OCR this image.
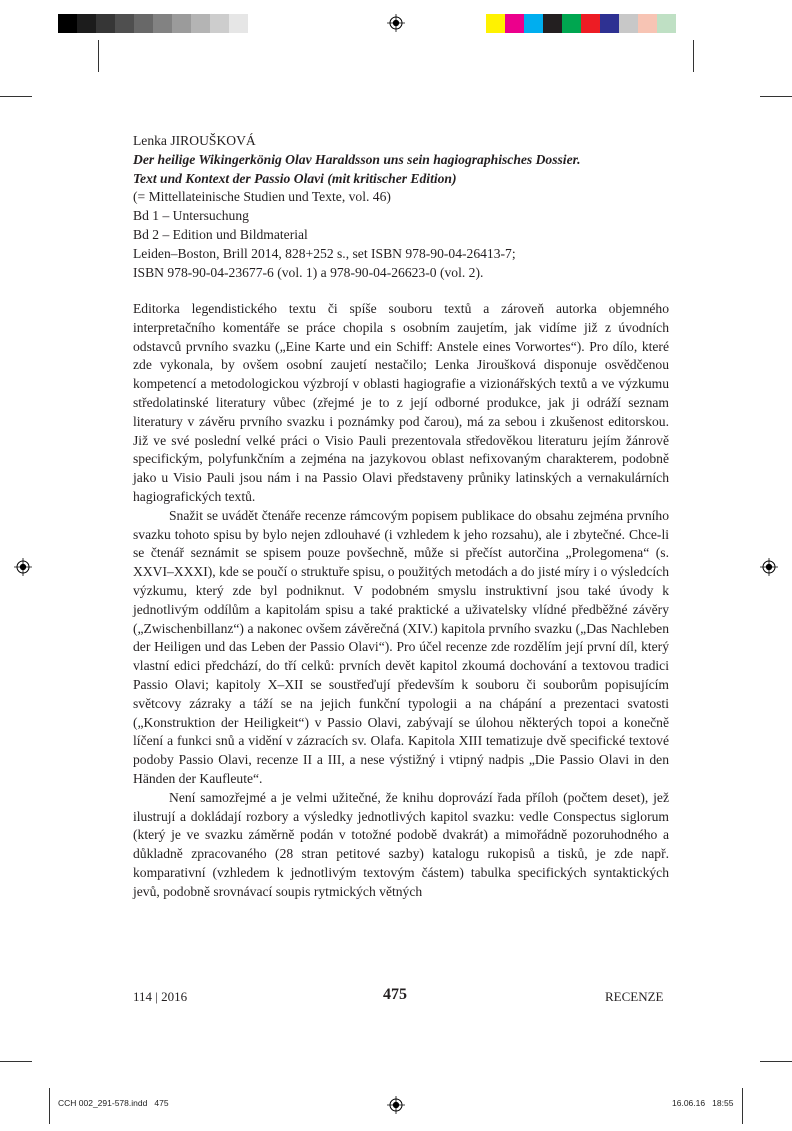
Lenka JIROUŠKOVÁ
Der heilige Wikingerkönig Olav Haraldsson uns sein hagiographisches Dossier.
Text und Kontext der Passio Olavi (mit kritischer Edition)
(= Mittellateinische Studien und Texte, vol. 46)
Bd 1 – Untersuchung
Bd 2 – Edition und Bildmaterial
Leiden–Boston, Brill 2014, 828+252 s., set ISBN 978-90-04-26413-7;
ISBN 978-90-04-23677-6 (vol. 1) a 978-90-04-26623-0 (vol. 2).

Editorka legendistického textu či spíše souboru textů a zároveň autorka objemného interpretačního komentáře se práce chopila s osobním zaujetím, jak vidíme již z úvodních odstavců prvního svazku („Eine Karte und ein Schiff: Anstele eines Vorwortes“). Pro dílo, které zde vykonala, by ovšem osobní zaujetí nestačilo; Lenka Jiroušková disponuje osvědčenou kompetencí a metodologickou výzbrojí v oblasti hagiografie a vizionářských textů a ve výzkumu středolatinské literatury vůbec (zřejmé je to z její odborné produkce, jak ji odráží seznam literatury v závěru prvního svazku i poznámky pod čarou), má za sebou i zkušenost editorskou. Již ve své poslední velké práci o Visio Pauli prezentovala středověkou literaturu jejím žánrově specifickým, polyfunkčním a zejména na jazykovou oblast nefixovaným charakterem, podobně jako u Visio Pauli jsou nám i na Passio Olavi představeny průniky latinských a vernakulárních hagiografických textů.

Snažit se uvádět čtenáře recenze rámcovým popisem publikace do obsahu zejména prvního svazku tohoto spisu by bylo nejen zdlouhavé (i vzhledem k jeho rozsahu), ale i zbytečné. Chce-li se čtenář seznámit se spisem pouze povšechně, může si přečíst autorčina „Prolegomena“ (s. XXVI–XXXI), kde se poučí o struktuře spisu, o použitých metodách a do jisté míry i o výsledcích výzkumu, který zde byl podniknut. V podobném smyslu instruktivní jsou také úvody k jednotlivým oddílům a kapitolám spisu a také praktické a uživatelsky vlídné předběžné závěry („Zwischenbillanz“) a nakonec ovšem závěrečná (XIV.) kapitola prvního svazku („Das Nachleben der Heiligen und das Leben der Passio Olavi“). Pro účel recenze zde rozdělím její první díl, který vlastní edici předchází, do tří celků: prvních devět kapitol zkoumá dochování a textovou tradici Passio Olavi; kapitoly X–XII se soustřeďují především k souboru či souborům popisujícím světcovy zázraky a táží se na jejich funkční typologii a na chápání a prezentaci svatosti („Konstruktion der Heiligkeit“) v Passio Olavi, zabývají se úlohou některých topoi a konečně líčení a funkci snů a vidění v zázracích sv. Olafa. Kapitola XIII tematizuje dvě specifické textové podoby Passio Olavi, recenze II a III, a nese výstižný i vtipný nadpis „Die Passio Olavi in den Händen der Kaufleute“.

Není samozřejmé a je velmi užitečné, že knihu doprovází řada příloh (počtem deset), jež ilustrují a dokládají rozbory a výsledky jednotlivých kapitol svazku: vedle Conspectus siglorum (který je ve svazku záměrně podán v totožné podobě dvakrát) a mimořádně pozoruhodného a důkladně zpracovaného (28 stran petitové sazby) katalogu rukopisů a tisků, je zde např. komparativní (vzhledem k jednotlivým textovým částem) tabulka specifických syntaktických jevů, podobně srovnávací soupis rytmických větných

114 | 2016	475	RECENZE
CCH 002_291-578.indd   475	16.06.16   18:55
